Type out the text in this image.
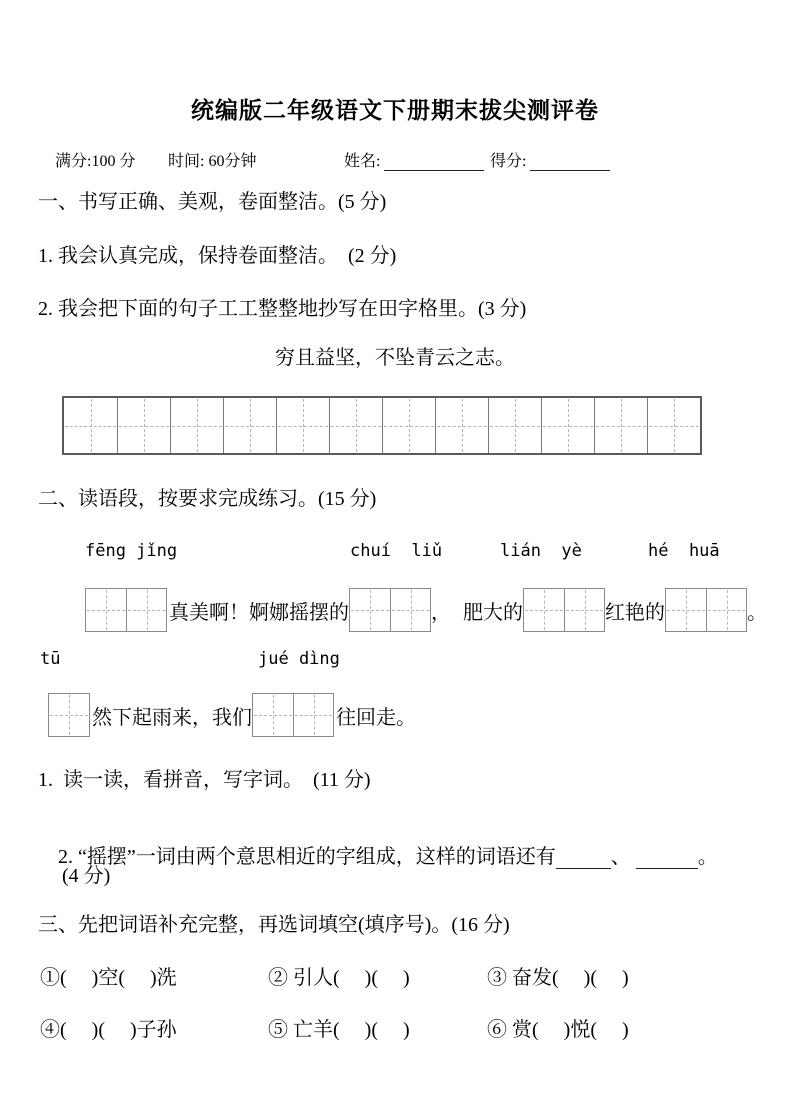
统编版二年级语文下册期末拔尖测评卷
满分:100 分 时间: 60分钟	姓名:	得分:
一、书写正确、美观，卷面整洁。(5 分)
1. 我会认真完成，保持卷面整洁。  (2 分)
2. 我会把下面的句子工工整整地抄写在田字格里。(3 分)
穷且益坚，不坠青云之志。
二、读语段，按要求完成练习。(15 分)
fēng jǐng	chuí  liǔ	lián  yè	hé  huā
真美啊！婀娜摇摆的	， 肥大的	红艳的	。
tū	jué dìng
然下起雨来，我们	往回走。
1.  读一读，看拼音，写字词。  (11 分)

2. “摇摆”一词由两个意思相近的字组成，这样的词语还有	、	。

(4 分)
三、先把词语补充完整，再选词填空(填序号)。(16 分)
①(     )空(     )洗	② 引人(     )(     )	③ 奋发(     )(     )
④(     )(     )子孙	⑤ 亡羊(     )(     )	⑥ 赏(     )悦(     )
